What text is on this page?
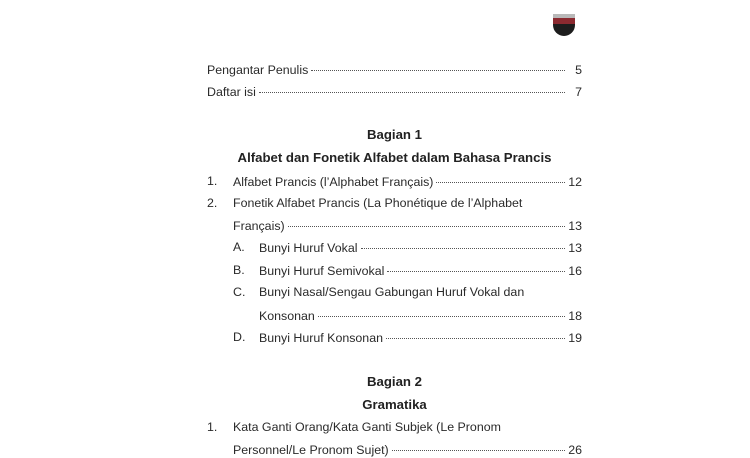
Pengantar Penulis	5
Daftar isi	7
Bagian 1
Alfabet dan Fonetik Alfabet dalam Bahasa Prancis
1. Alfabet Prancis (l’Alphabet Français)	12
2. Fonetik Alfabet Prancis (La Phonétique de l’Alphabet
Français)	13
A. Bunyi Huruf Vokal	13
B. Bunyi Huruf Semivokal	16
C. Bunyi Nasal/Sengau Gabungan Huruf Vokal dan
Konsonan	18
D. Bunyi Huruf Konsonan	19
Bagian 2
Gramatika
1. Kata Ganti Orang/Kata Ganti Subjek (Le Pronom
Personnel/Le Pronom Sujet)	26
